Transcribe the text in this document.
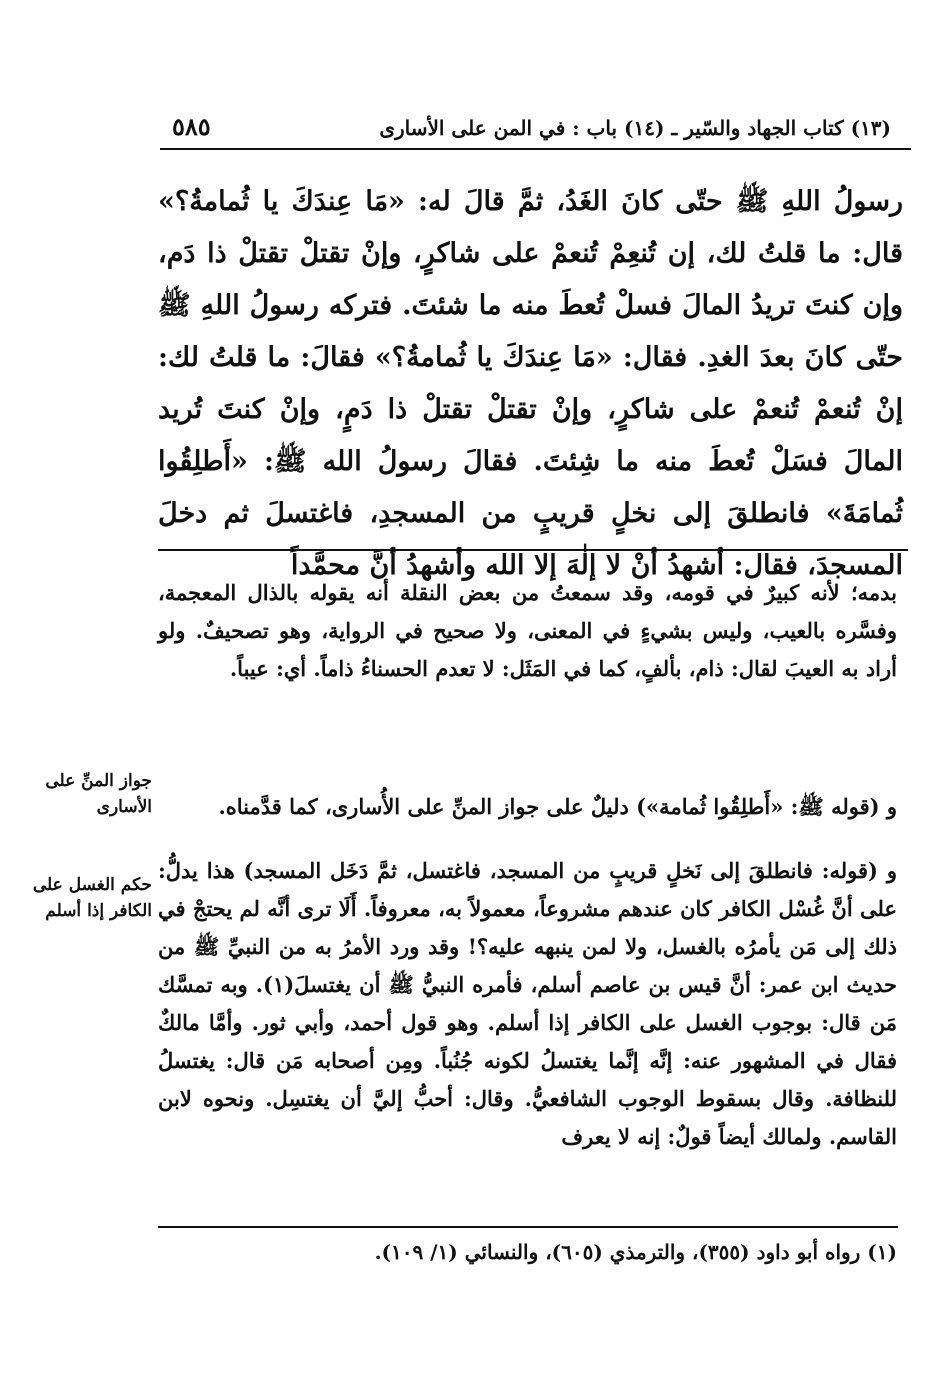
٥٨٥	(١٣) كتاب الجهاد والسّير ـ (١٤) باب : في المن على الأسارى
رسولُ اللهِ ﷺ حتّى كانَ الغَدُ، ثمَّ قالَ له: «مَا عِندَكَ يا ثُمامةُ؟» قال: ما قلتُ لك، إن تُنعِمْ تُنعمْ على شاكرٍ، وإنْ تقتلْ تقتلْ ذا دَم، وإن كنتَ تريدُ المالَ فسلْ تُعطَ منه ما شئتَ. فتركه رسولُ اللهِ ﷺ حتّى كانَ بعدَ الغدِ. فقال: «مَا عِندَكَ يا ثُمامةُ؟» فقالَ: ما قلتُ لك: إنْ تُنعمْ تُنعمْ على شاكرٍ، وإنْ تقتلْ تقتلْ ذا دَمٍ، وإنْ كنتَ تُريد المالَ فسَلْ تُعطَ منه ما شِئتَ. فقالَ رسولُ الله ﷺ: «أَطلِقُوا ثُمامَةَ» فانطلقَ إلى نخلٍ قريبٍ من المسجدِ، فاغتسلَ ثم دخلَ المسجدَ، فقال: أشهدُ أنْ لا إلٰهَ إلا الله وأشهدُ أنَّ محمَّداً
بدمه؛ لأنه كبيرٌ في قومه، وقد سمعتُ من بعض النقلة أنه يقوله بالذال المعجمة، وفسَّره بالعيب، وليس بشيءٍ في المعنى، ولا صحيح في الرواية، وهو تصحيفٌ. ولو أراد به العيبَ لقال: ذام، بألفٍ، كما في المَثَل: لا تعدم الحسناءُ ذاماً. أي: عيباً.
و (قوله ﷺ: «أَطلِقُوا ثُمامة») دليلٌ على جواز المنِّ على الأُسارى، كما قدَّمناه.
و (قوله: فانطلقَ إلى نَخلٍ قريبٍ من المسجد، فاغتسل، ثمَّ دَخَل المسجد) هذا يدلُّ: على أنَّ غُسْل الكافر كان عندهم مشروعاً، معمولاً به، معروفاً. أَلَا ترى أنَّه لم يحتجْ في ذلك إلى مَن يأمرُه بالغسل، ولا لمن ينبهه عليه؟! وقد ورد الأمرُ به من النبيِّ ﷺ من حديث ابن عمر: أنَّ قيس بن عاصم أسلم، فأمره النبيُّ ﷺ أن يغتسلَ(١). وبه تمسَّك مَن قال: بوجوب الغسل على الكافر إذا أسلم. وهو قول أحمد، وأبي ثور. وأمَّا مالكٌ فقال في المشهور عنه: إنَّه إنَّما يغتسلُ لكونه جُنُباً. ومِن أصحابه مَن قال: يغتسلُ للنظافة. وقال بسقوط الوجوب الشافعيُّ. وقال: أحبُّ إليَّ أن يغتسِل. ونحوه لابن القاسم. ولمالك أيضاً قولٌ: إنه لا يعرف
جواز المنِّ على الأسارى
حكم الغسل على الكافر إذا أسلم
(١) رواه أبو داود (٣٥٥)، والترمذي (٦٠٥)، والنسائي (١/ ١٠٩).
